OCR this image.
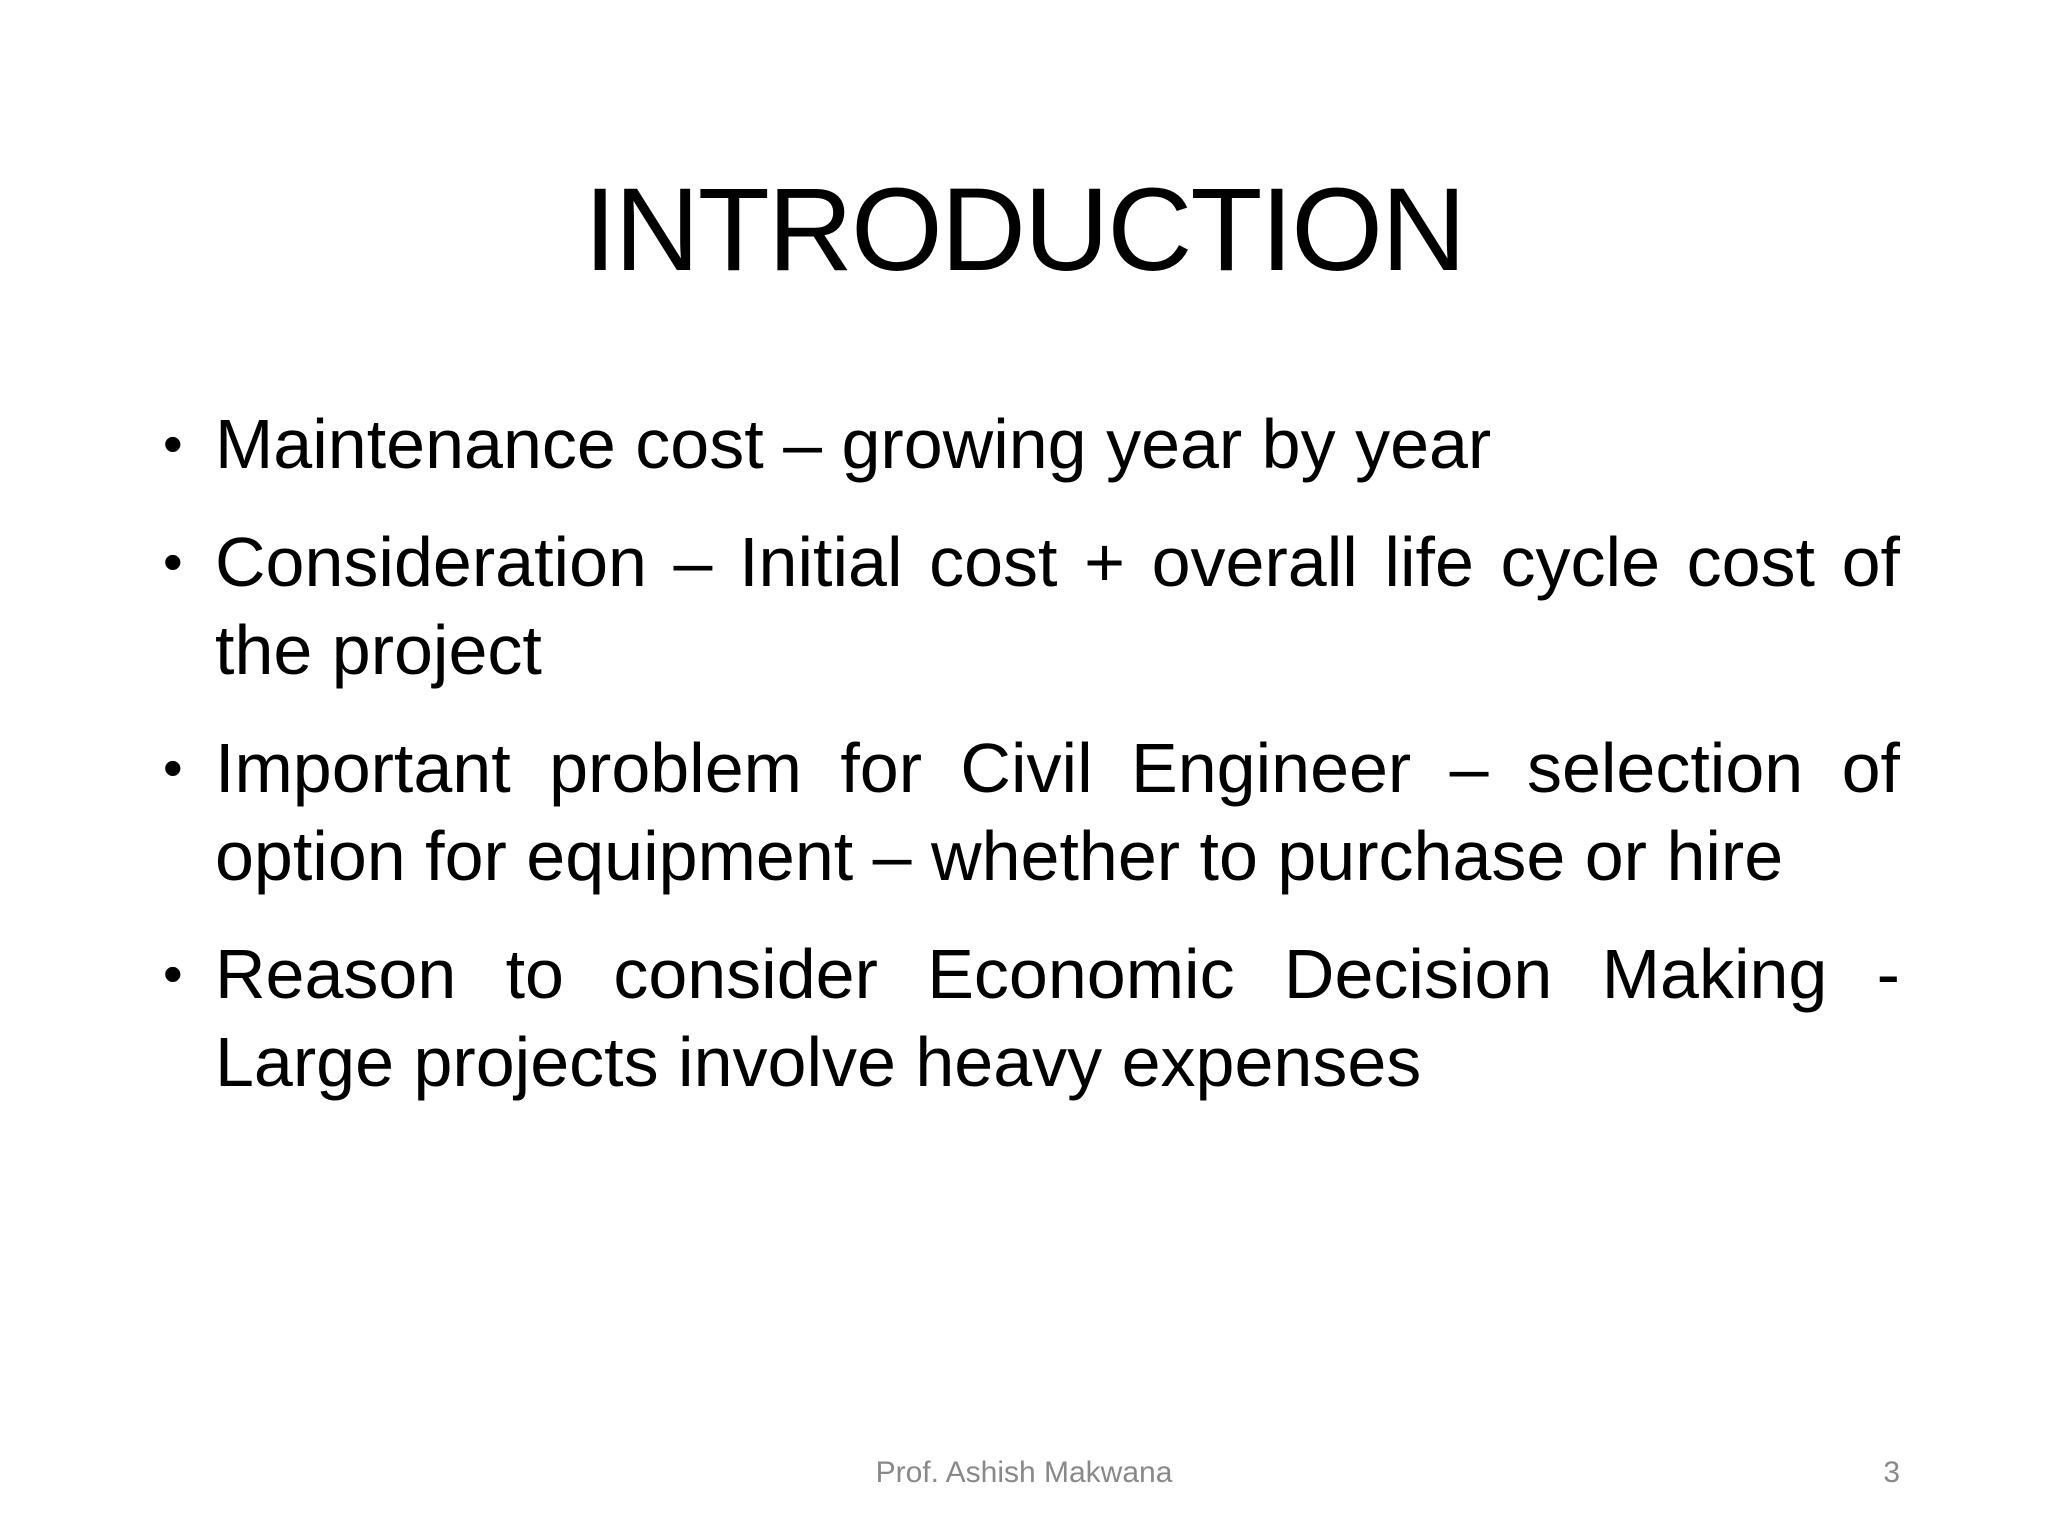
INTRODUCTION
• Maintenance cost – growing year by year
• Consideration – Initial cost + overall life cycle cost of the project
• Important problem for Civil Engineer – selection of option for equipment – whether to purchase or hire
• Reason to consider Economic Decision Making - Large projects involve heavy expenses
Prof. Ashish Makwana	3
